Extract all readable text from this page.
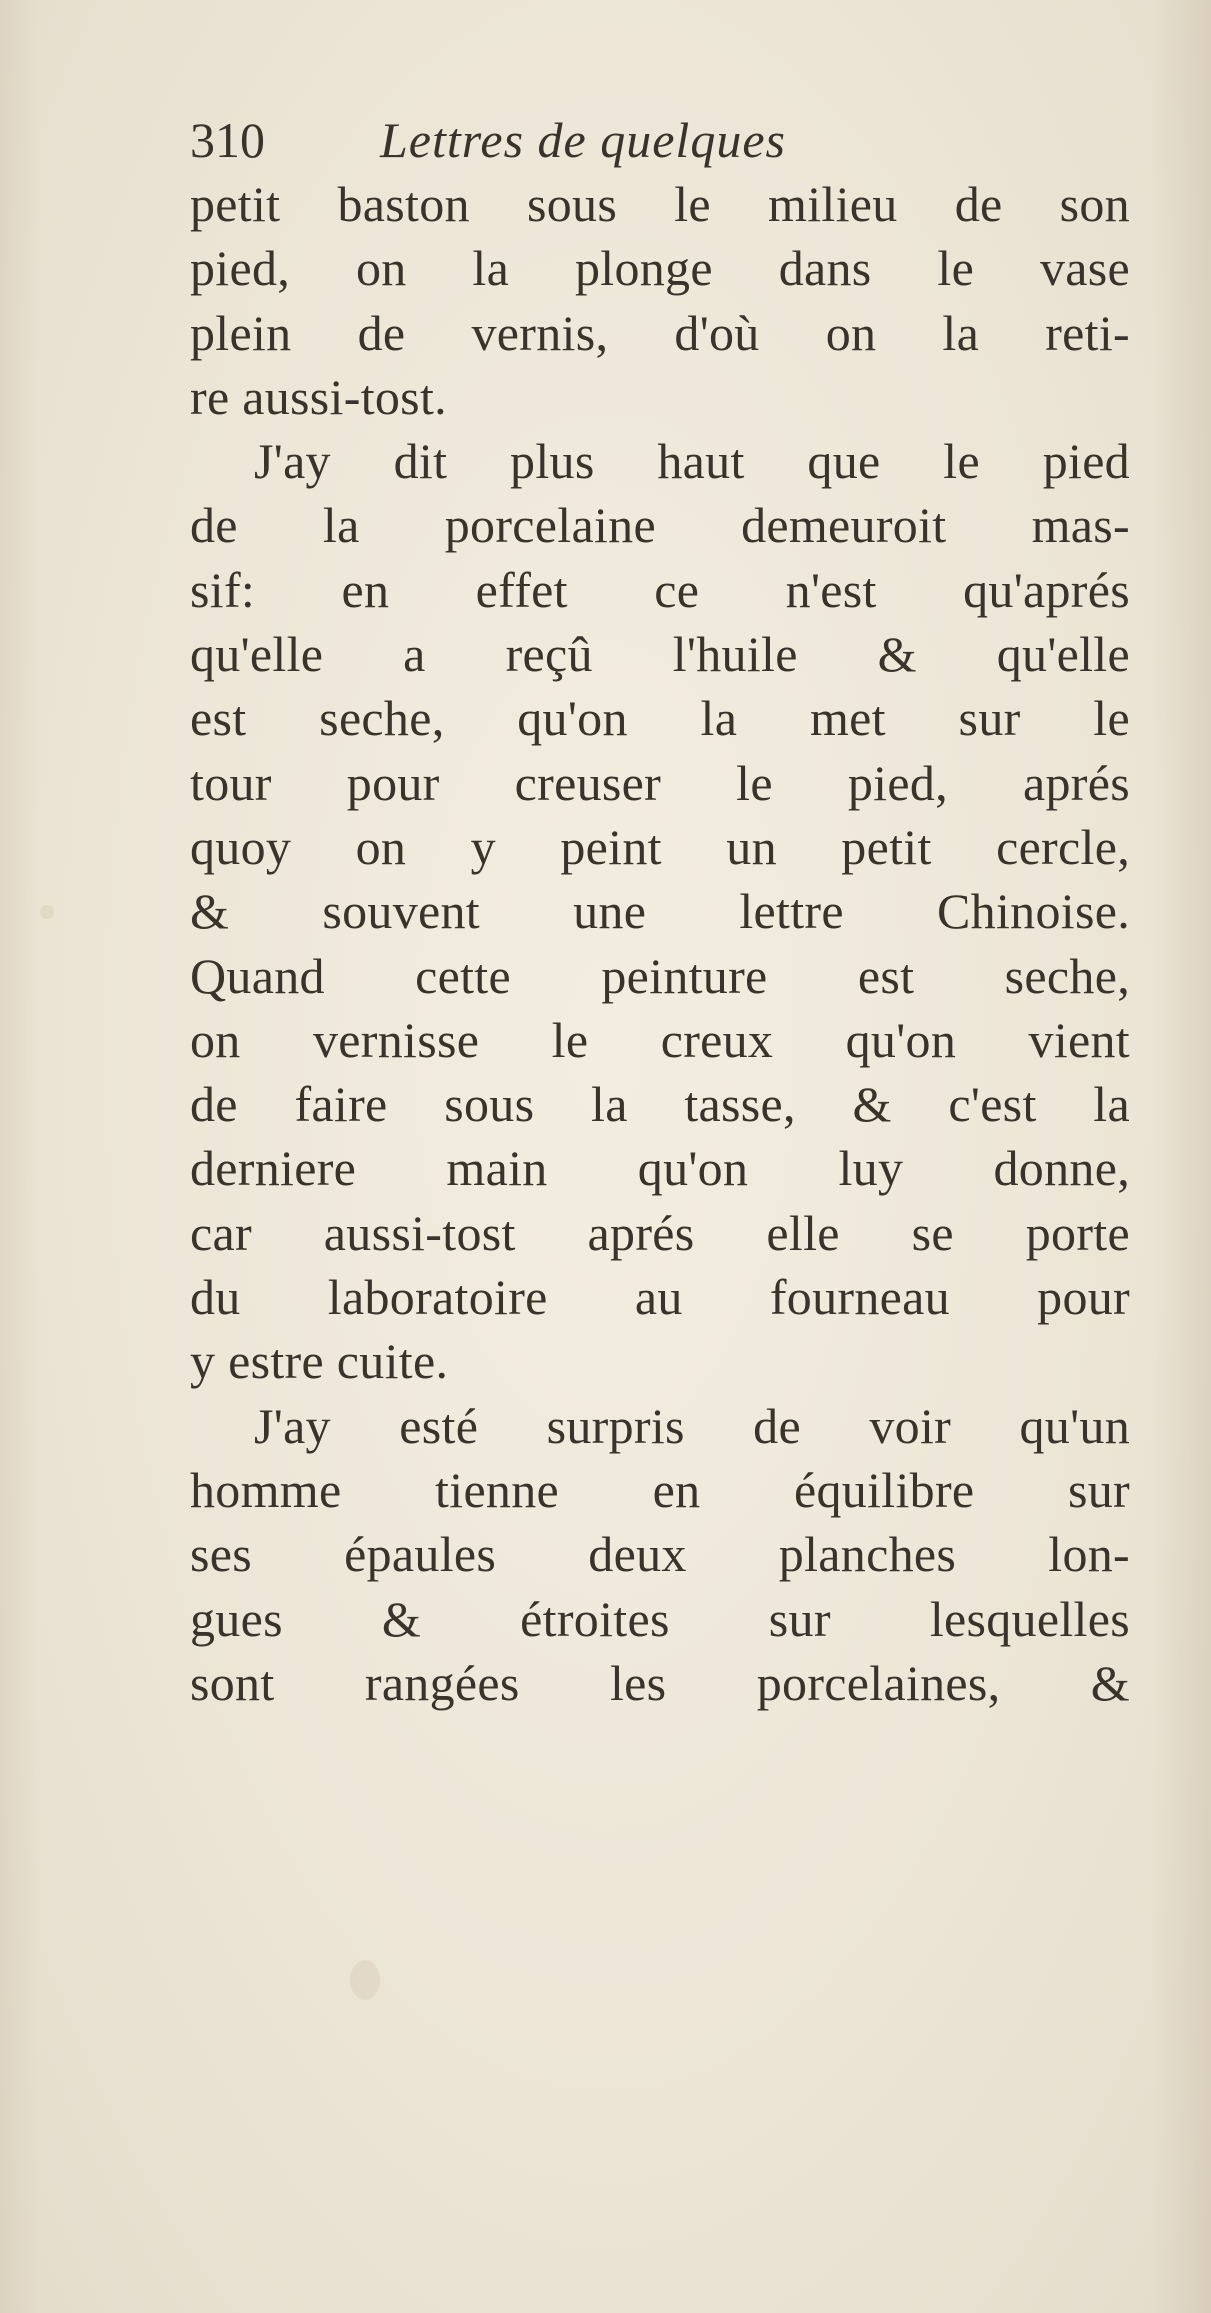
310 Lettres de quelques
petit baston sous le milieu de son
pied, on la plonge dans le vase
plein de vernis, d'où on la reti-
re aussi-tost.
J'ay dit plus haut que le pied
de la porcelaine demeuroit mas-
sif: en effet ce n'est qu'aprés
qu'elle a reçû l'huile & qu'elle
est seche, qu'on la met sur le
tour pour creuser le pied, aprés
quoy on y peint un petit cercle,
& souvent une lettre Chinoise.
Quand cette peinture est seche,
on vernisse le creux qu'on vient
de faire sous la tasse, & c'est la
derniere main qu'on luy donne,
car aussi-tost aprés elle se porte
du laboratoire au fourneau pour
y estre cuite.
J'ay esté surpris de voir qu'un
homme tienne en équilibre sur
ses épaules deux planches lon-
gues & étroites sur lesquelles
sont rangées les porcelaines, &
